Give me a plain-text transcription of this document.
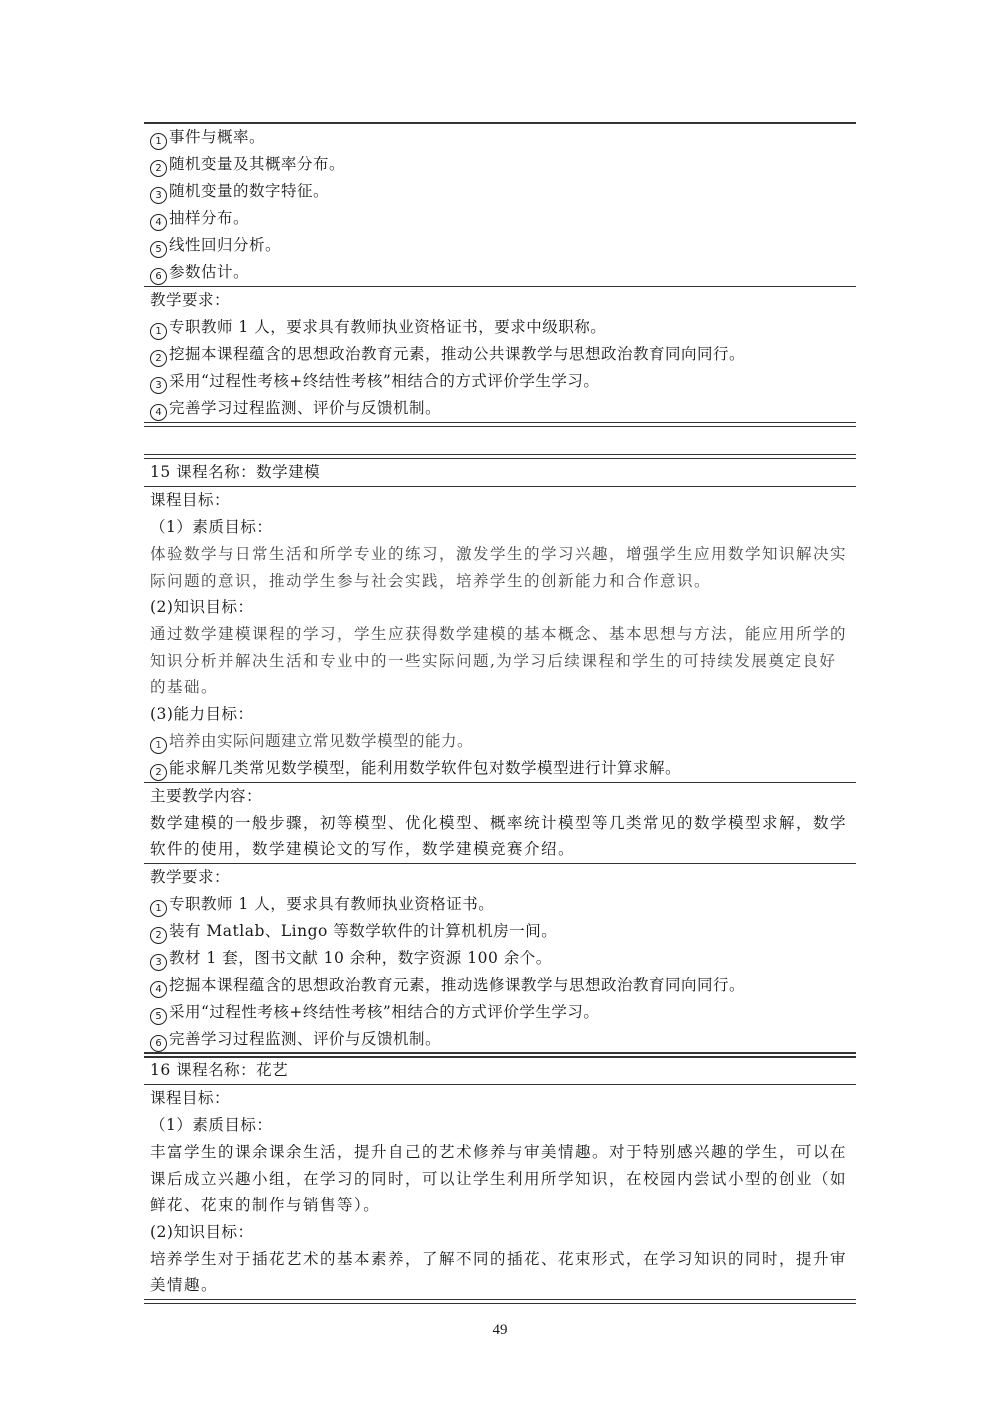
1 事件与概率。
2 随机变量及其概率分布。
3 随机变量的数字特征。
4 抽样分布。
5 线性回归分析。
6 参数估计。
教学要求：
1 专职教师 1 人，要求具有教师执业资格证书，要求中级职称。
2 挖掘本课程蕴含的思想政治教育元素，推动公共课教学与思想政治教育同向同行。
3 采用“过程性考核+终结性考核”相结合的方式评价学生学习。
4 完善学习过程监测、评价与反馈机制。
15 课程名称：数学建模
课程目标：
（1）素质目标：
体验数学与日常生活和所学专业的练习，激发学生的学习兴趣，增强学生应用数学知识解决实际问题的意识，推动学生参与社会实践，培养学生的创新能力和合作意识。
(2)知识目标：
通过数学建模课程的学习，学生应获得数学建模的基本概念、基本思想与方法，能应用所学的知识分析并解决生活和专业中的一些实际问题,为学习后续课程和学生的可持续发展奠定良好的基础。
(3)能力目标：
1 培养由实际问题建立常见数学模型的能力。
2 能求解几类常见数学模型，能利用数学软件包对数学模型进行计算求解。
主要教学内容：
数学建模的一般步骤，初等模型、优化模型、概率统计模型等几类常见的数学模型求解，数学软件的使用，数学建模论文的写作，数学建模竞赛介绍。
教学要求：
1 专职教师 1 人，要求具有教师执业资格证书。
2 装有 Matlab、Lingo 等数学软件的计算机机房一间。
3 教材 1 套，图书文献 10 余种，数字资源 100 余个。
4 挖掘本课程蕴含的思想政治教育元素，推动选修课教学与思想政治教育同向同行。
5 采用“过程性考核+终结性考核”相结合的方式评价学生学习。
6 完善学习过程监测、评价与反馈机制。
16 课程名称：花艺
课程目标：
（1）素质目标：
丰富学生的课余课余生活，提升自己的艺术修养与审美情趣。对于特别感兴趣的学生，可以在课后成立兴趣小组，在学习的同时，可以让学生利用所学知识，在校园内尝试小型的创业（如鲜花、花束的制作与销售等）。
(2)知识目标：
培养学生对于插花艺术的基本素养，了解不同的插花、花束形式，在学习知识的同时，提升审美情趣。
49
